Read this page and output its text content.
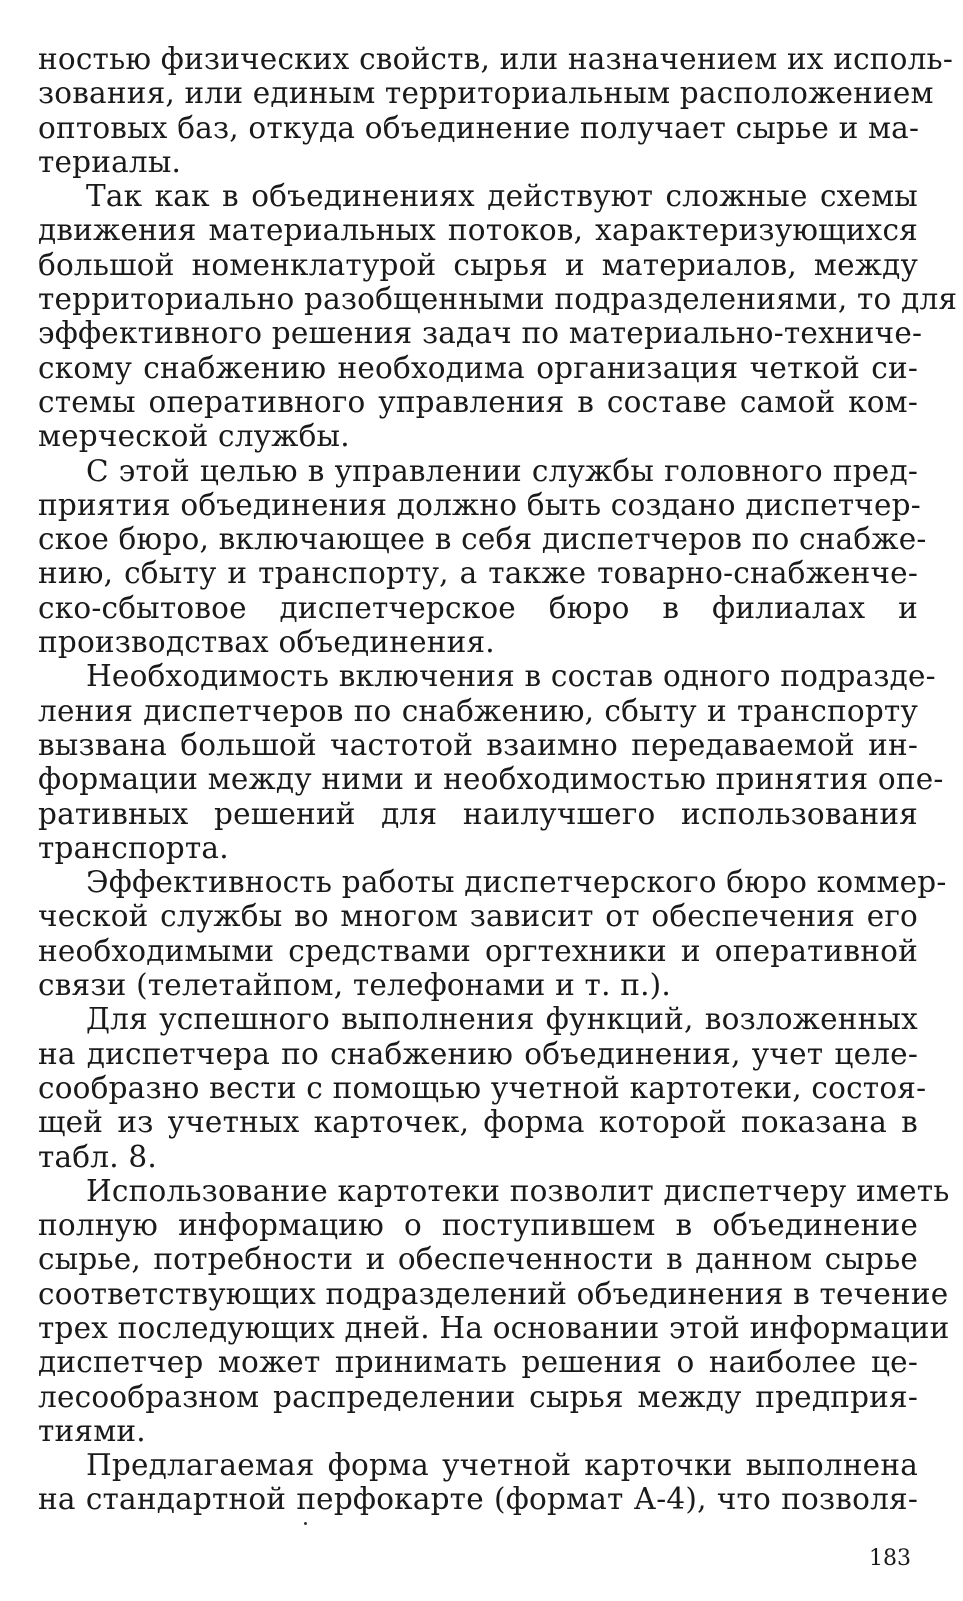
ностью физических свойств, или назначением их исполь-
зования, или единым территориальным расположением
оптовых баз, откуда объединение получает сырье и ма-
териалы.
Так как в объединениях действуют сложные схемы
движения материальных потоков, характеризующихся
большой номенклатурой сырья и материалов, между
территориально разобщенными подразделениями, то для
эффективного решения задач по материально-техниче-
скому снабжению необходима организация четкой си-
стемы оперативного управления в составе самой ком-
мерческой службы.
С этой целью в управлении службы головного пред-
приятия объединения должно быть создано диспетчер-
ское бюро, включающее в себя диспетчеров по снабже-
нию, сбыту и транспорту, а также товарно-снабженче-
ско-сбытовое диспетчерское бюро в филиалах и
производствах объединения.
Необходимость включения в состав одного подразде-
ления диспетчеров по снабжению, сбыту и транспорту
вызвана большой частотой взаимно передаваемой ин-
формации между ними и необходимостью принятия опе-
ративных решений для наилучшего использования
транспорта.
Эффективность работы диспетчерского бюро коммер-
ческой службы во многом зависит от обеспечения его
необходимыми средствами оргтехники и оперативной
связи (телетайпом, телефонами и т. п.).
Для успешного выполнения функций, возложенных
на диспетчера по снабжению объединения, учет целе-
сообразно вести с помощью учетной картотеки, состоя-
щей из учетных карточек, форма которой показана в
табл. 8.
Использование картотеки позволит диспетчеру иметь
полную информацию о поступившем в объединение
сырье, потребности и обеспеченности в данном сырье
соответствующих подразделений объединения в течение
трех последующих дней. На основании этой информации
диспетчер может принимать решения о наиболее це-
лесообразном распределении сырья между предприя-
тиями.
Предлагаемая форма учетной карточки выполнена
на стандартной перфокарте (формат А-4), что позволя-
183
